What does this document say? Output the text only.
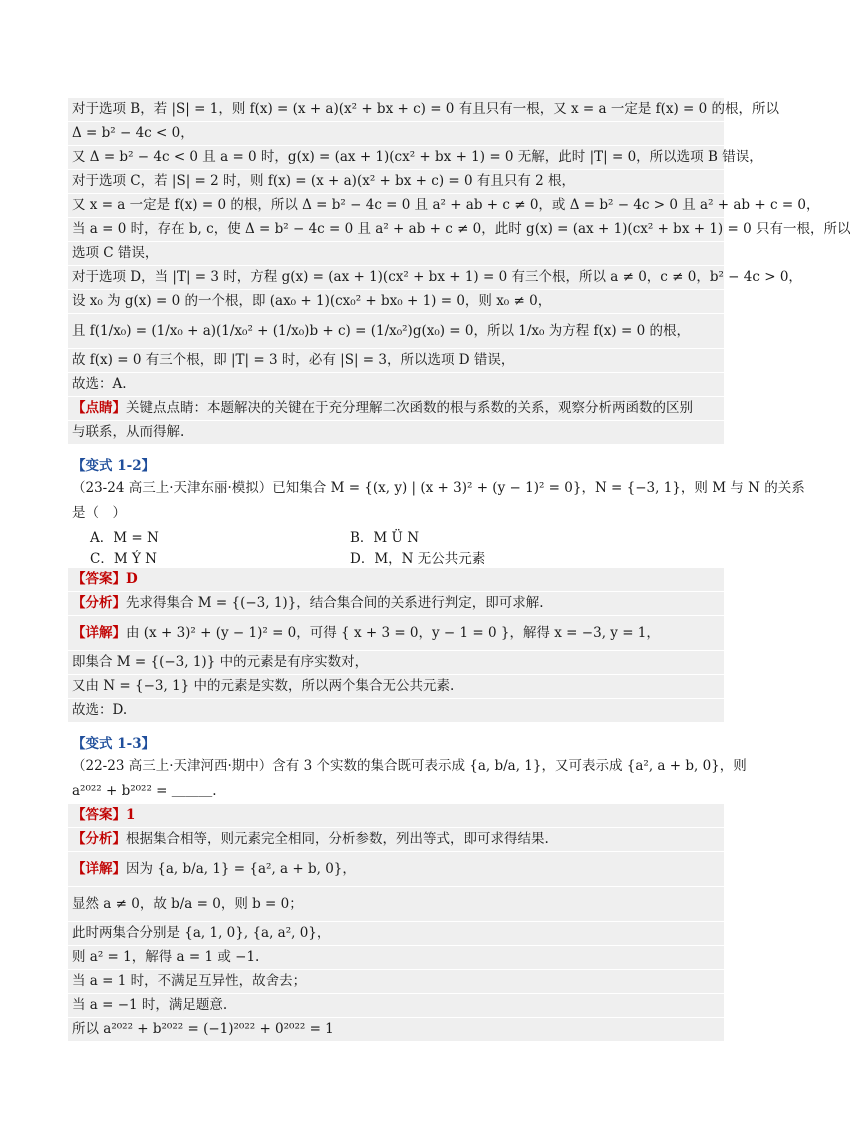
对于选项 B，若 |S| = 1，则 f(x) = (x + a)(x² + bx + c) = 0 有且只有一根，又 x = a 一定是 f(x) = 0 的根，所以
Δ = b² − 4c < 0，
又 Δ = b² − 4c < 0 且 a = 0 时，g(x) = (ax + 1)(cx² + bx + 1) = 0 无解，此时 |T| = 0，所以选项 B 错误，
对于选项 C，若 |S| = 2 时，则 f(x) = (x + a)(x² + bx + c) = 0 有且只有 2 根，
又 x = a 一定是 f(x) = 0 的根，所以 Δ = b² − 4c = 0 且 a² + ab + c ≠ 0，或 Δ = b² − 4c > 0 且 a² + ab + c = 0，
当 a = 0 时，存在 b, c，使 Δ = b² − 4c = 0 且 a² + ab + c ≠ 0，此时 g(x) = (ax + 1)(cx² + bx + 1) = 0 只有一根，所以
选项 C 错误，
对于选项 D，当 |T| = 3 时，方程 g(x) = (ax + 1)(cx² + bx + 1) = 0 有三个根，所以 a ≠ 0，c ≠ 0，b² − 4c > 0，
设 x₀ 为 g(x) = 0 的一个根，即 (ax₀ + 1)(cx₀² + bx₀ + 1) = 0，则 x₀ ≠ 0，
且 f(1/x₀) = (1/x₀ + a)(1/x₀² + (1/x₀)b + c) = (1/x₀²)g(x₀) = 0，所以 1/x₀ 为方程 f(x) = 0 的根，
故 f(x) = 0 有三个根，即 |T| = 3 时，必有 |S| = 3，所以选项 D 错误，
故选：A.
【点睛】关键点点睛：本题解决的关键在于充分理解二次函数的根与系数的关系，观察分析两函数的区别
与联系，从而得解.
【变式 1-2】
（23-24 高三上·天津东丽·模拟）已知集合 M = {(x, y) | (x + 3)² + (y − 1)² = 0}，N = {−3, 1}，则 M 与 N 的关系
是（　）
A．M = N	B．M Ü N
C．M Ý N	D．M，N 无公共元素
【答案】D
【分析】先求得集合 M = {(−3, 1)}，结合集合间的关系进行判定，即可求解.
【详解】由 (x + 3)² + (y − 1)² = 0，可得 { x + 3 = 0，y − 1 = 0 }，解得 x = −3, y = 1，
即集合 M = {(−3, 1)} 中的元素是有序实数对，
又由 N = {−3, 1} 中的元素是实数，所以两个集合无公共元素.
故选：D.
【变式 1-3】
（22-23 高三上·天津河西·期中）含有 3 个实数的集合既可表示成 {a, b/a, 1}，又可表示成 {a², a + b, 0}，则
a²⁰²² + b²⁰²² = ＿＿＿.
【答案】1
【分析】根据集合相等，则元素完全相同，分析参数，列出等式，即可求得结果.
【详解】因为 {a, b/a, 1} = {a², a + b, 0}，
显然 a ≠ 0，故 b/a = 0，则 b = 0；
此时两集合分别是 {a, 1, 0}, {a, a², 0}，
则 a² = 1，解得 a = 1 或 −1.
当 a = 1 时，不满足互异性，故舍去；
当 a = −1 时，满足题意.
所以 a²⁰²² + b²⁰²² = (−1)²⁰²² + 0²⁰²² = 1
